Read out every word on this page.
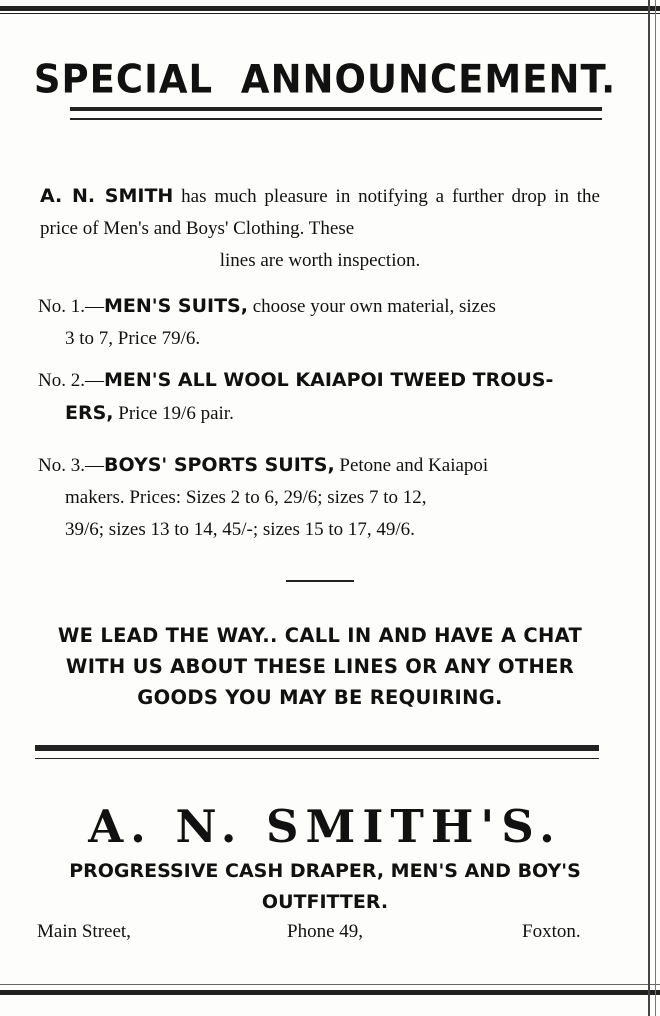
SPECIAL ANNOUNCEMENT.
A. N. SMITH has much pleasure in notifying a further drop in the price of Men's and Boys' Clothing. These
lines are worth inspection.
No. 1.—MEN'S SUITS, choose your own material, sizes
3 to 7, Price 79/6.
No. 2.—MEN'S ALL WOOL KAIAPOI TWEED TROUS-
ERS, Price 19/6 pair.
No. 3.—BOYS' SPORTS SUITS, Petone and Kaiapoi
makers. Prices: Sizes 2 to 6, 29/6; sizes 7 to 12,
39/6; sizes 13 to 14, 45/-; sizes 15 to 17, 49/6.
WE LEAD THE WAY.. CALL IN AND HAVE A CHAT
WITH US ABOUT THESE LINES OR ANY OTHER
GOODS YOU MAY BE REQUIRING.
A. N. SMITH'S.
PROGRESSIVE CASH DRAPER, MEN'S AND BOY'S
OUTFITTER.
Main Street,	Phone 49,	Foxton.
